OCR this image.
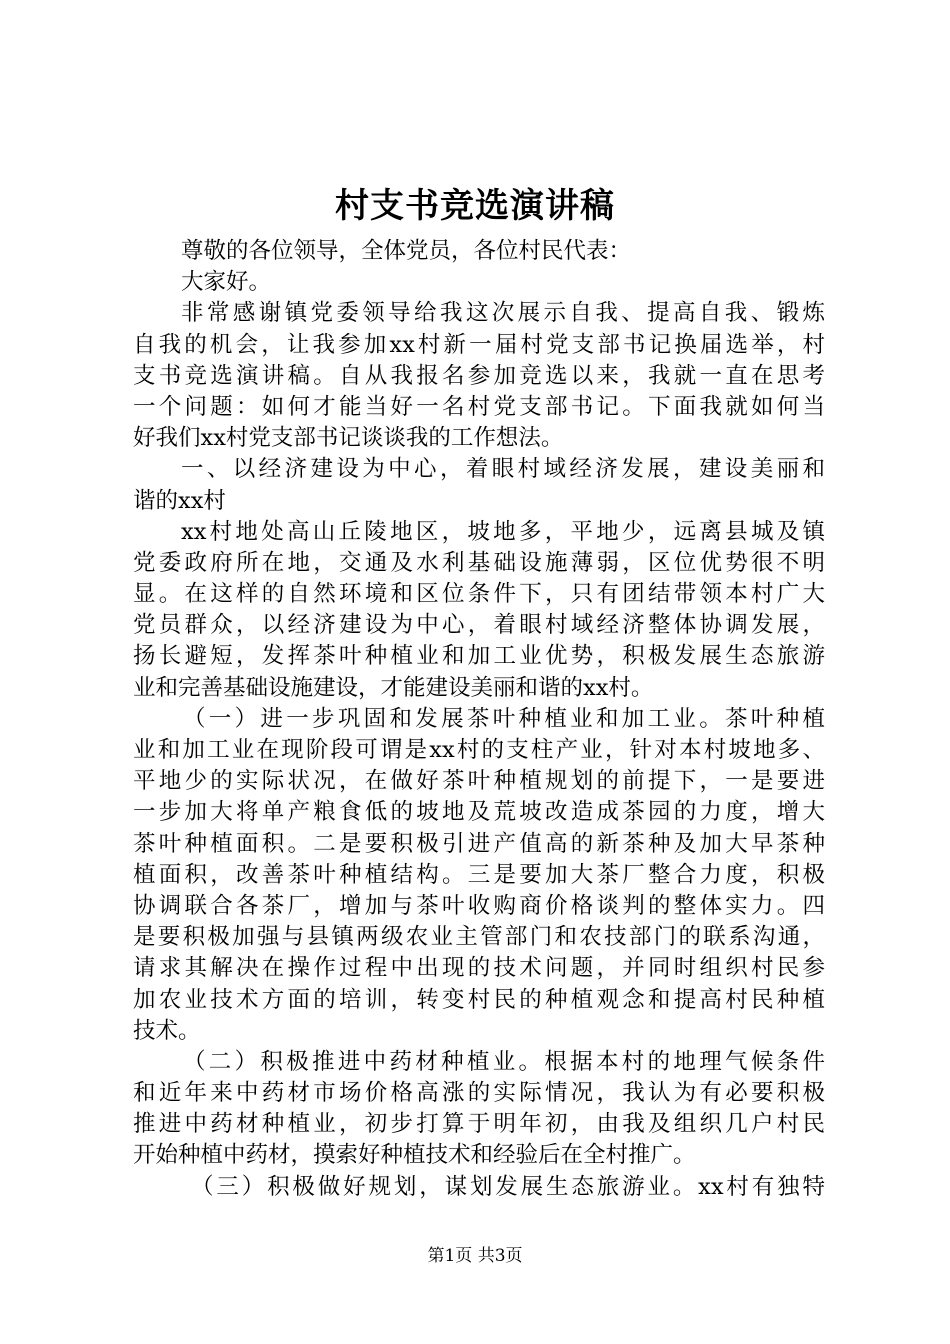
村支书竞选演讲稿
尊敬的各位领导，全体党员，各位村民代表：
大家好。
非常感谢镇党委领导给我这次展示自我、提高自我、锻炼
自我的机会，让我参加xx村新一届村党支部书记换届选举，村
支书竞选演讲稿。自从我报名参加竞选以来，我就一直在思考
一个问题：如何才能当好一名村党支部书记。下面我就如何当
好我们xx村党支部书记谈谈我的工作想法。
一、以经济建设为中心，着眼村域经济发展，建设美丽和
谐的xx村
xx村地处高山丘陵地区，坡地多，平地少，远离县城及镇
党委政府所在地，交通及水利基础设施薄弱，区位优势很不明
显。在这样的自然环境和区位条件下，只有团结带领本村广大
党员群众，以经济建设为中心，着眼村域经济整体协调发展，
扬长避短，发挥茶叶种植业和加工业优势，积极发展生态旅游
业和完善基础设施建设，才能建设美丽和谐的xx村。
（一）进一步巩固和发展茶叶种植业和加工业。茶叶种植
业和加工业在现阶段可谓是xx村的支柱产业，针对本村坡地多、
平地少的实际状况，在做好茶叶种植规划的前提下，一是要进
一步加大将单产粮食低的坡地及荒坡改造成茶园的力度，增大
茶叶种植面积。二是要积极引进产值高的新茶种及加大早茶种
植面积，改善茶叶种植结构。三是要加大茶厂整合力度，积极
协调联合各茶厂，增加与茶叶收购商价格谈判的整体实力。四
是要积极加强与县镇两级农业主管部门和农技部门的联系沟通，
请求其解决在操作过程中出现的技术问题，并同时组织村民参
加农业技术方面的培训，转变村民的种植观念和提高村民种植
技术。
（二）积极推进中药材种植业。根据本村的地理气候条件
和近年来中药材市场价格高涨的实际情况，我认为有必要积极
推进中药材种植业，初步打算于明年初，由我及组织几户村民
开始种植中药材，摸索好种植技术和经验后在全村推广。
（三）积极做好规划，谋划发展生态旅游业。xx村有独特
第1页 共3页
